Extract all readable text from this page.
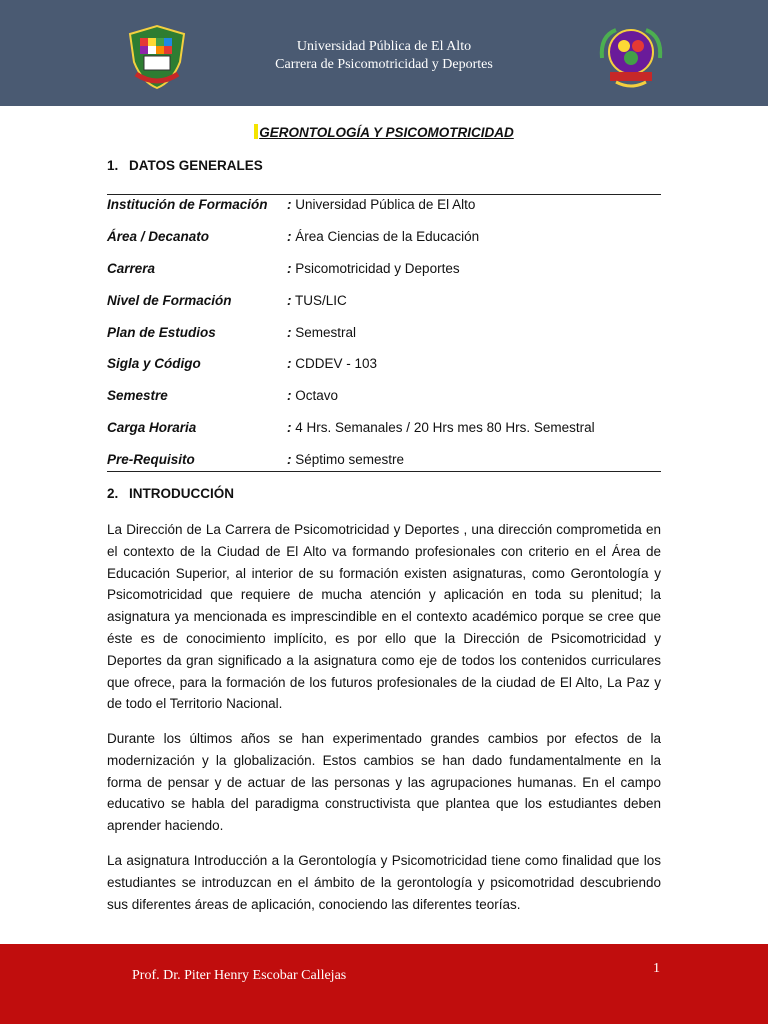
Universidad Pública de El Alto
Carrera de Psicomotricidad y Deportes
GERONTOLOGÍA Y PSICOMOTRICIDAD
1. DATOS GENERALES
Institución de Formación : Universidad Pública de El Alto
Área / Decanato	: Área Ciencias de la Educación
Carrera	: Psicomotricidad y Deportes
Nivel de Formación	: TUS/LIC
Plan de Estudios	: Semestral
Sigla y Código	: CDDEV - 103
Semestre	: Octavo
Carga Horaria	: 4 Hrs. Semanales / 20 Hrs mes 80 Hrs. Semestral
Pre-Requisito	: Séptimo semestre
2. INTRODUCCIÓN
La Dirección de La Carrera de Psicomotricidad y Deportes , una dirección comprometida en el contexto de la Ciudad de El Alto va formando profesionales con criterio en el Área de Educación Superior, al interior de su formación existen asignaturas, como Gerontología y Psicomotricidad que requiere de mucha atención y aplicación en toda su plenitud; la asignatura ya mencionada es imprescindible en el contexto académico porque se cree que éste es de conocimiento implícito, es por ello que la Dirección de Psicomotricidad y Deportes da gran significado a la asignatura como eje de todos los contenidos curriculares que ofrece, para la formación de los futuros profesionales de la ciudad de El Alto, La Paz y de todo el Territorio Nacional.
Durante los últimos años se han experimentado grandes cambios por efectos de la modernización y la globalización. Estos cambios se han dado fundamentalmente en la forma de pensar y de actuar de las personas y las agrupaciones humanas. En el campo educativo se habla del paradigma constructivista que plantea que los estudiantes deben aprender haciendo.
La asignatura Introducción a la Gerontología y Psicomotricidad tiene como finalidad que los estudiantes se introduzcan en el ámbito de la gerontología y psicomotridad descubriendo sus diferentes áreas de aplicación, conociendo las diferentes teorías.
Prof. Dr. Piter Henry Escobar Callejas	1
